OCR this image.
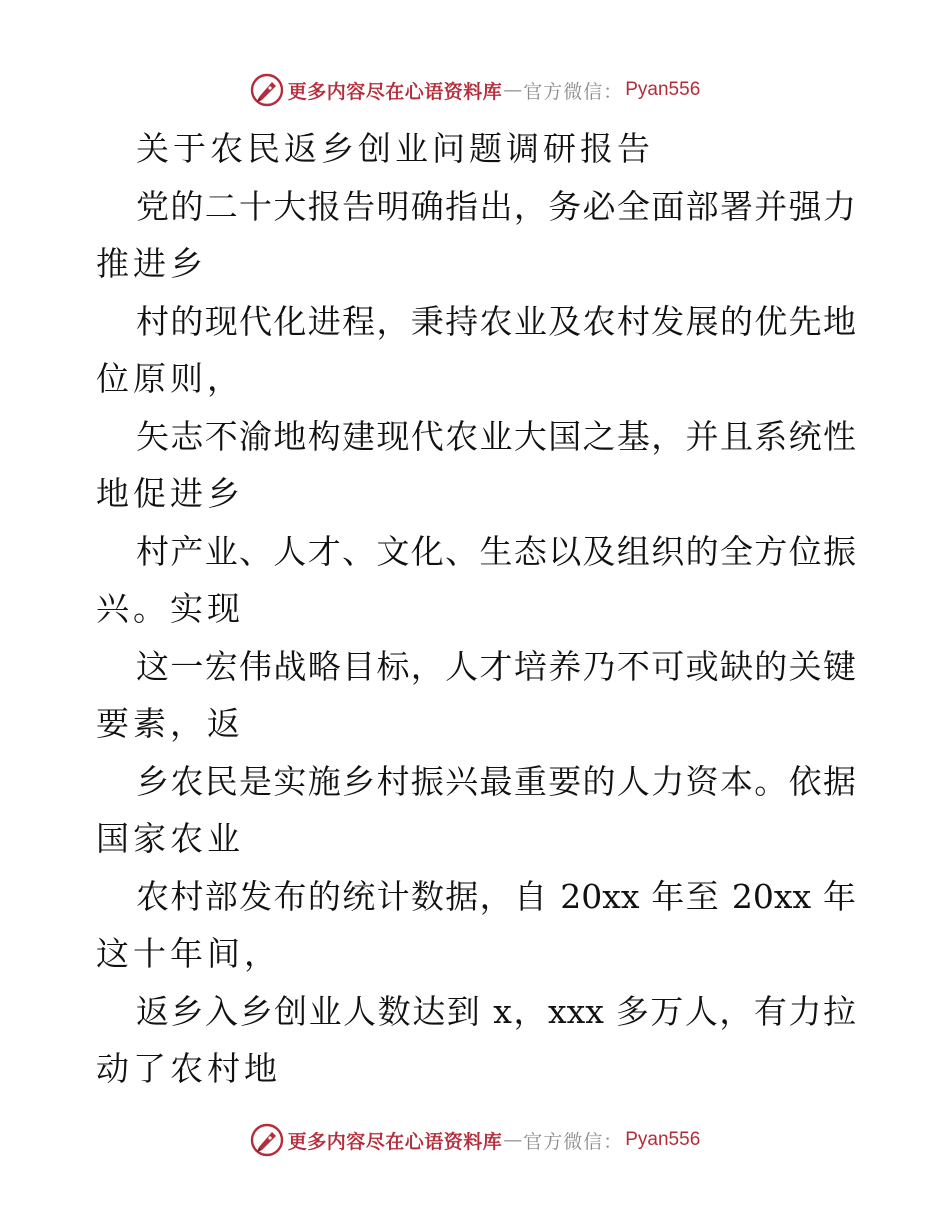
更多内容尽在心语资料库 — 官方微信： Pyan556
关于农民返乡创业问题调研报告
党的二十大报告明确指出，务必全面部署并强力
推进乡
村的现代化进程，秉持农业及农村发展的优先地
位原则，
矢志不渝地构建现代农业大国之基，并且系统性
地促进乡
村产业、人才、文化、生态以及组织的全方位振
兴。实现
这一宏伟战略目标，人才培养乃不可或缺的关键
要素，返
乡农民是实施乡村振兴最重要的人力资本。依据
国家农业
农村部发布的统计数据，自 20xx 年至 20xx 年
这十年间，
返乡入乡创业人数达到 x，xxx 多万人，有力拉
动了农村地
更多内容尽在心语资料库 — 官方微信： Pyan556
